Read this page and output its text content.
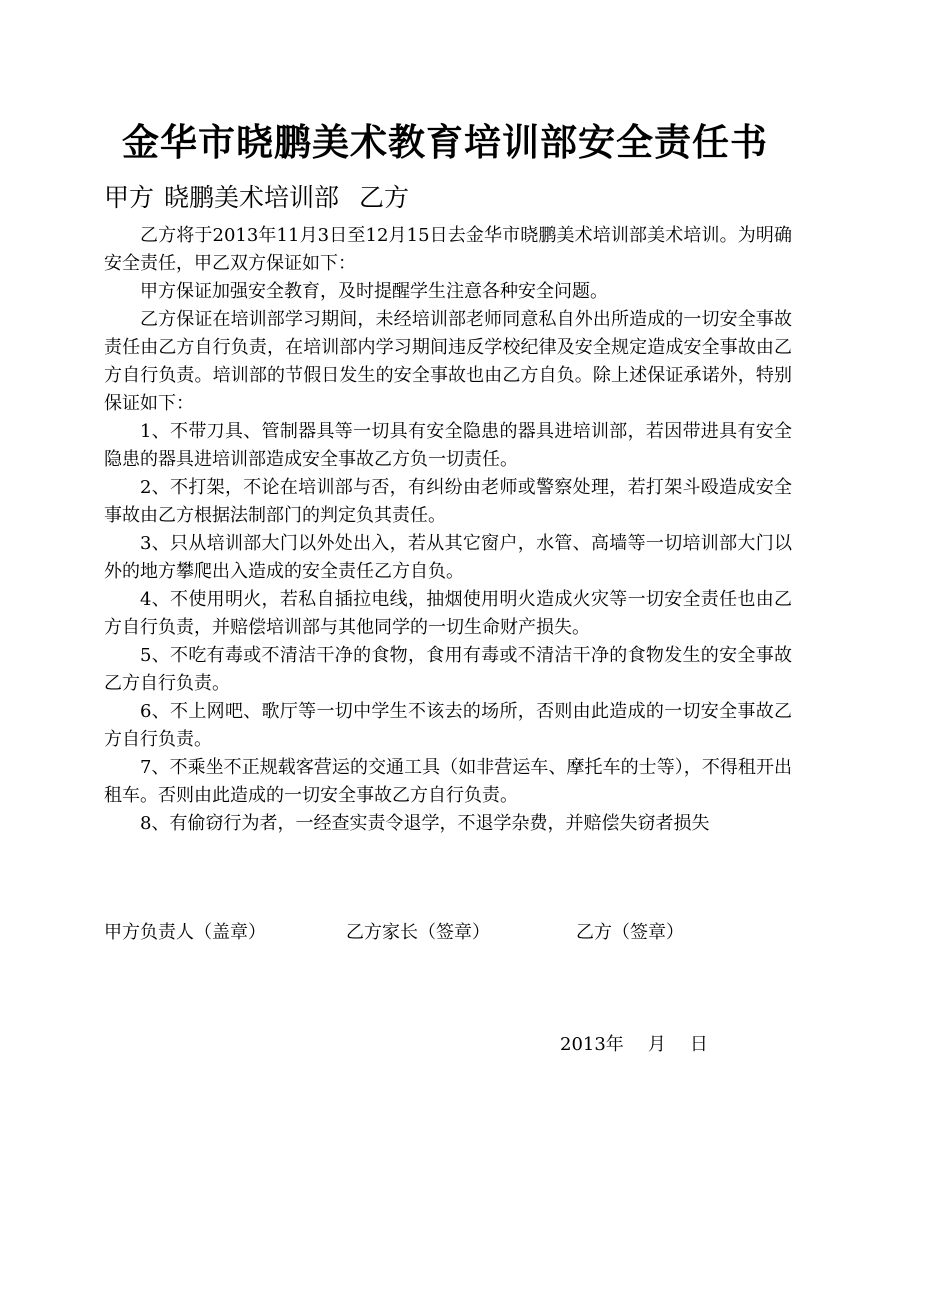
金华市晓鹏美术教育培训部安全责任书
甲方 晓鹏美术培训部 乙方

乙方将于2013年11月3日至12月15日去金华市晓鹏美术培训部美术培训。为明确安全责任，甲乙双方保证如下：

甲方保证加强安全教育，及时提醒学生注意各种安全问题。

乙方保证在培训部学习期间，未经培训部老师同意私自外出所造成的一切安全事故责任由乙方自行负责，在培训部内学习期间违反学校纪律及安全规定造成安全事故由乙方自行负责。培训部的节假日发生的安全事故也由乙方自负。除上述保证承诺外，特别保证如下：

1、不带刀具、管制器具等一切具有安全隐患的器具进培训部，若因带进具有安全隐患的器具进培训部造成安全事故乙方负一切责任。

2、不打架，不论在培训部与否，有纠纷由老师或警察处理，若打架斗殴造成安全事故由乙方根据法制部门的判定负其责任。

3、只从培训部大门以外处出入，若从其它窗户，水管、高墙等一切培训部大门以外的地方攀爬出入造成的安全责任乙方自负。

4、不使用明火，若私自插拉电线，抽烟使用明火造成火灾等一切安全责任也由乙方自行负责，并赔偿培训部与其他同学的一切生命财产损失。

5、不吃有毒或不清洁干净的食物，食用有毒或不清洁干净的食物发生的安全事故乙方自行负责。

6、不上网吧、歌厅等一切中学生不该去的场所，否则由此造成的一切安全事故乙方自行负责。

7、不乘坐不正规载客营运的交通工具（如非营运车、摩托车的士等），不得租开出租车。否则由此造成的一切安全事故乙方自行负责。

8、有偷窃行为者，一经查实责令退学，不退学杂费，并赔偿失窃者损失

甲方负责人（盖章）	乙方家长（签章）	乙方（签章）
2013年 月 日
